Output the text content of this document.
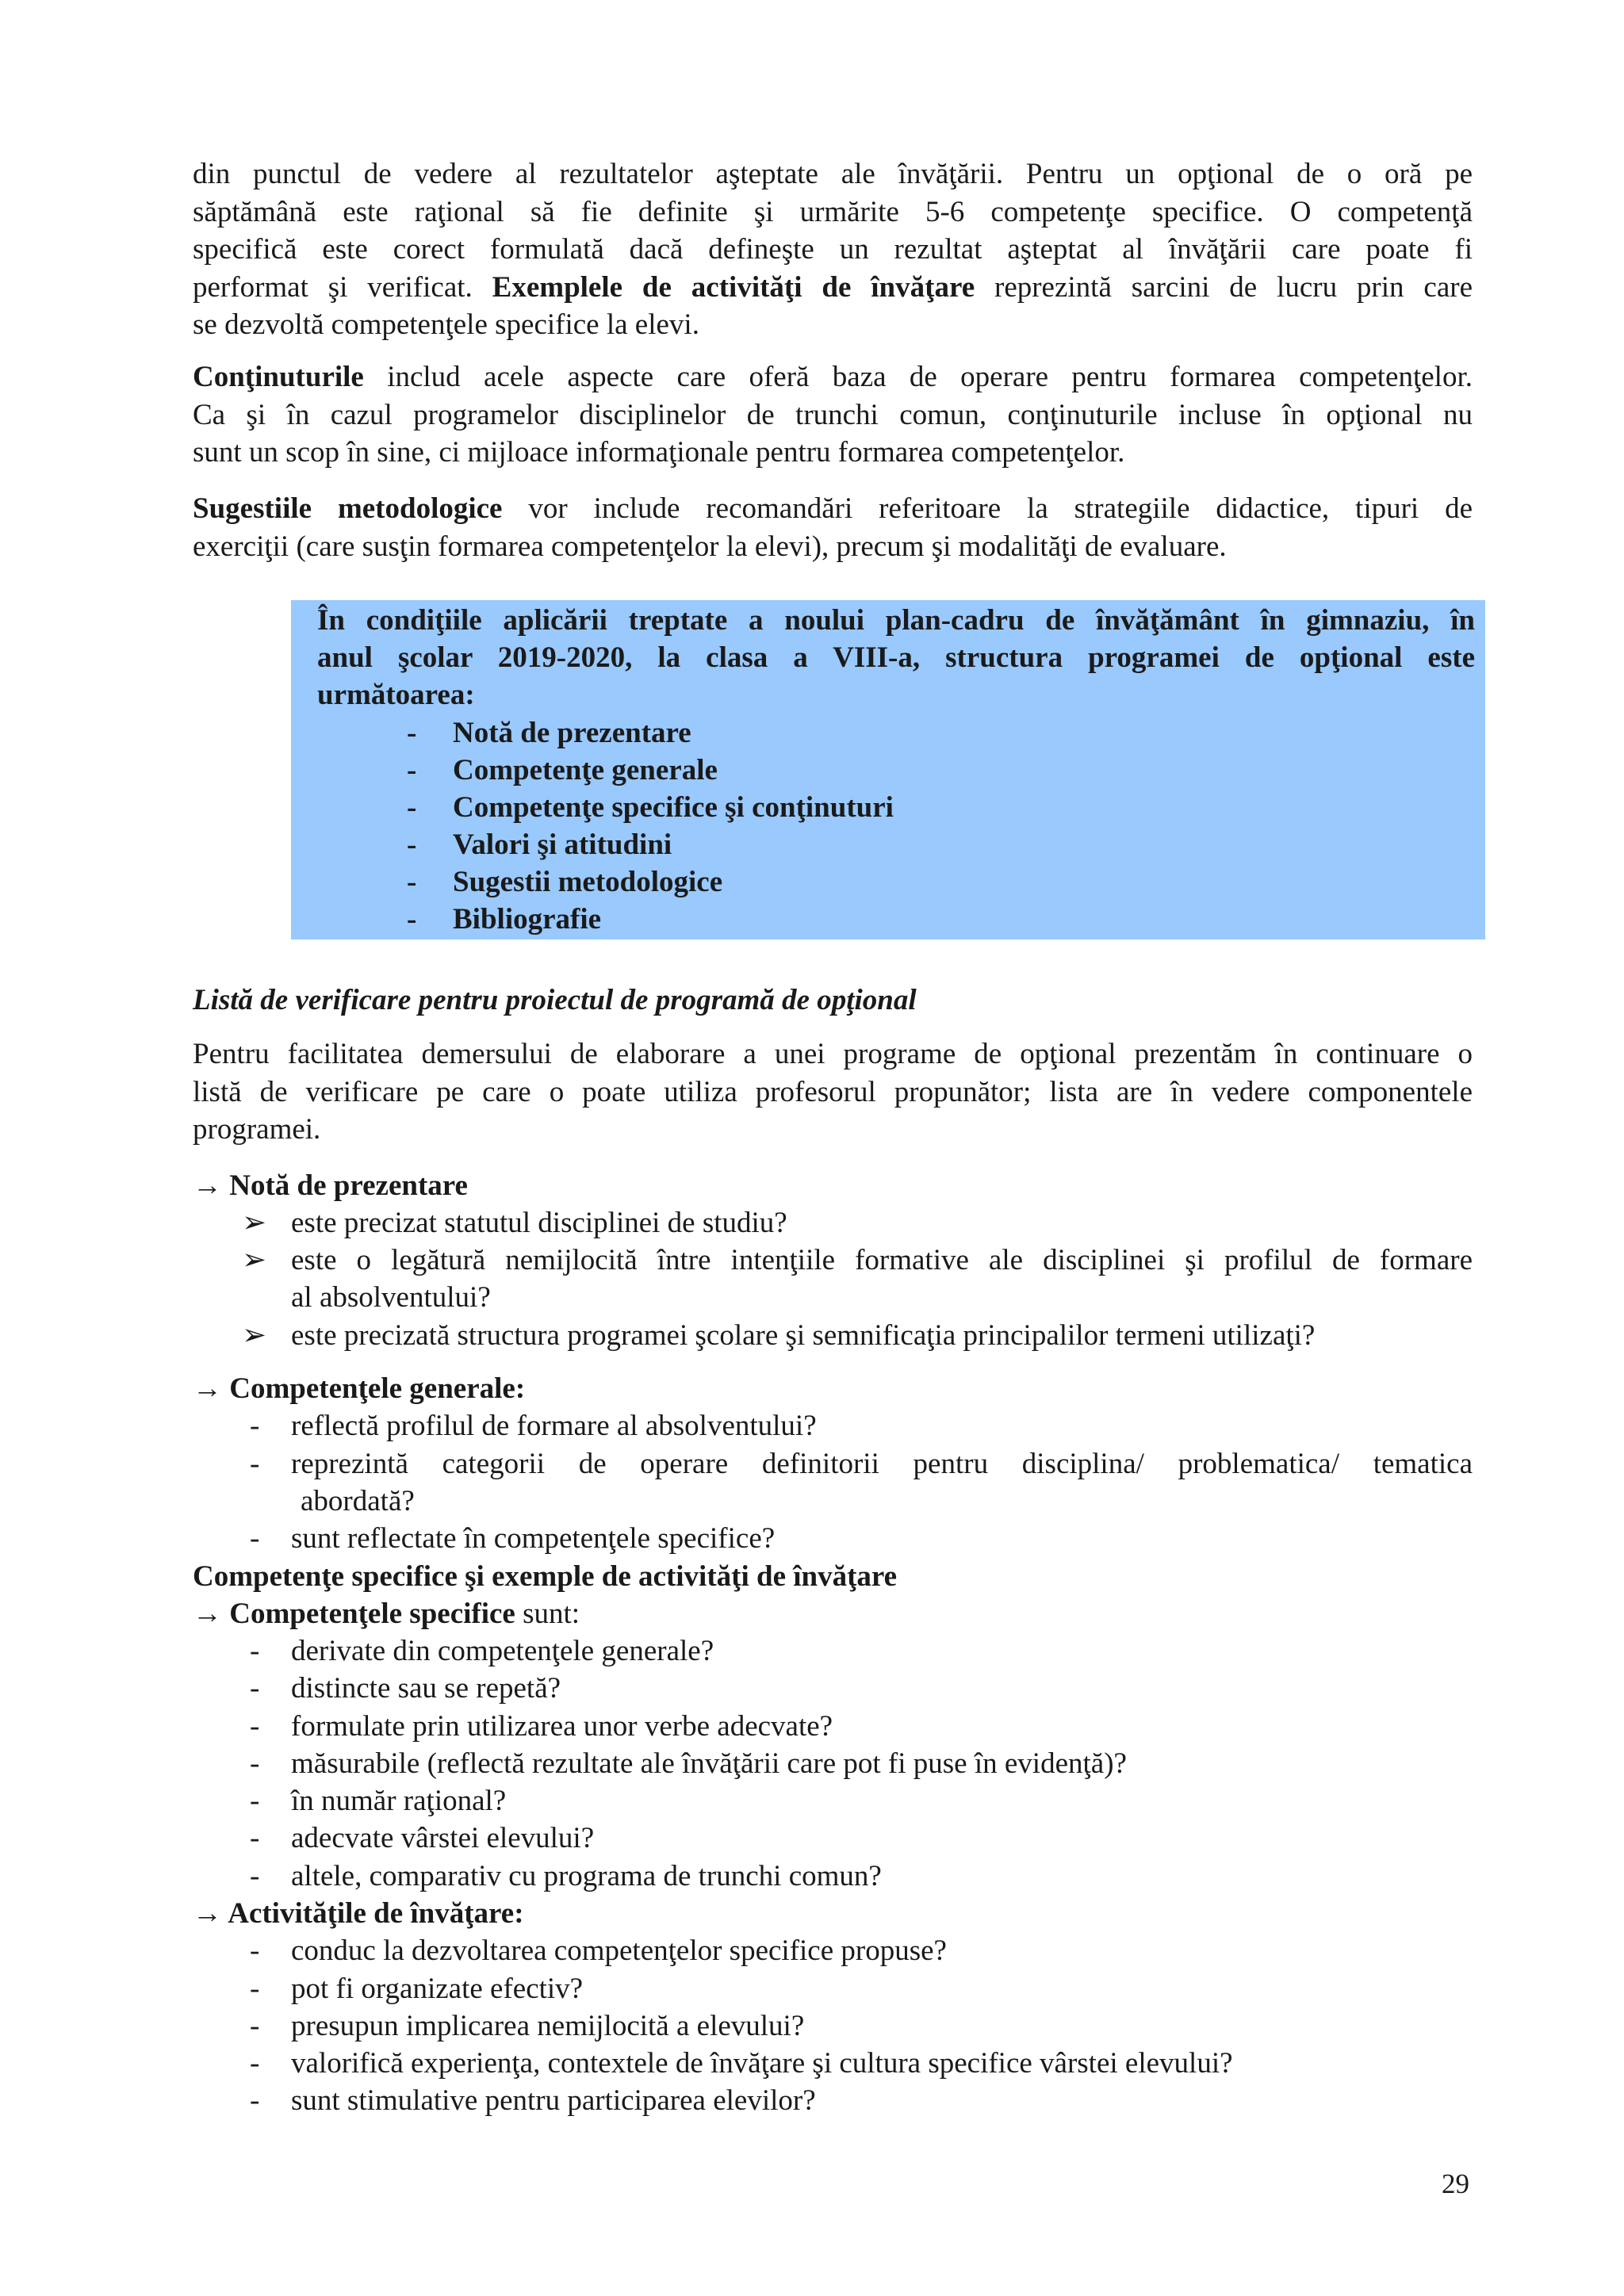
din punctul de vedere al rezultatelor aşteptate ale învăţării. Pentru un opţional de o oră pe
săptămână este raţional să fie definite şi urmărite 5-6 competenţe specifice. O competenţă
specifică este corect formulată dacă defineşte un rezultat aşteptat al învăţării care poate fi
performat şi verificat. Exemplele de activităţi de învăţare reprezintă sarcini de lucru prin care
se dezvoltă competenţele specifice la elevi.
Conţinuturile includ acele aspecte care oferă baza de operare pentru formarea competenţelor.
Ca şi în cazul programelor disciplinelor de trunchi comun, conţinuturile incluse în opţional nu
sunt un scop în sine, ci mijloace informaţionale pentru formarea competenţelor.
Sugestiile metodologice vor include recomandări referitoare la strategiile didactice, tipuri de
exerciţii (care susţin formarea competenţelor la elevi), precum şi modalităţi de evaluare.
În condiţiile aplicării treptate a noului plan-cadru de învăţământ în gimnaziu, în
anul şcolar 2019-2020, la clasa a VIII-a, structura programei de opţional este
următoarea:
- Notă de prezentare
- Competenţe generale
- Competenţe specifice şi conţinuturi
- Valori şi atitudini
- Sugestii metodologice
- Bibliografie
Listă de verificare pentru proiectul de programă de opţional
Pentru facilitatea demersului de elaborare a unei programe de opţional prezentăm în continuare o
listă de verificare pe care o poate utiliza profesorul propunător; lista are în vedere componentele
programei.
→ Notă de prezentare
➢ este precizat statutul disciplinei de studiu?
➢ este o legătură nemijlocită între intenţiile formative ale disciplinei şi profilul de formare
al absolventului?
➢ este precizată structura programei şcolare şi semnificaţia principalilor termeni utilizaţi?
→ Competenţele generale:
- reflectă profilul de formare al absolventului?
- reprezintă categorii de operare definitorii pentru disciplina/ problematica/ tematica
abordată?
- sunt reflectate în competenţele specifice?
Competenţe specifice şi exemple de activităţi de învăţare
→ Competenţele specifice sunt:
- derivate din competenţele generale?
- distincte sau se repetă?
- formulate prin utilizarea unor verbe adecvate?
- măsurabile (reflectă rezultate ale învăţării care pot fi puse în evidenţă)?
- în număr raţional?
- adecvate vârstei elevului?
- altele, comparativ cu programa de trunchi comun?
→ Activităţile de învăţare:
- conduc la dezvoltarea competenţelor specifice propuse?
- pot fi organizate efectiv?
- presupun implicarea nemijlocită a elevului?
- valorifică experienţa, contextele de învăţare şi cultura specifice vârstei elevului?
- sunt stimulative pentru participarea elevilor?
29
